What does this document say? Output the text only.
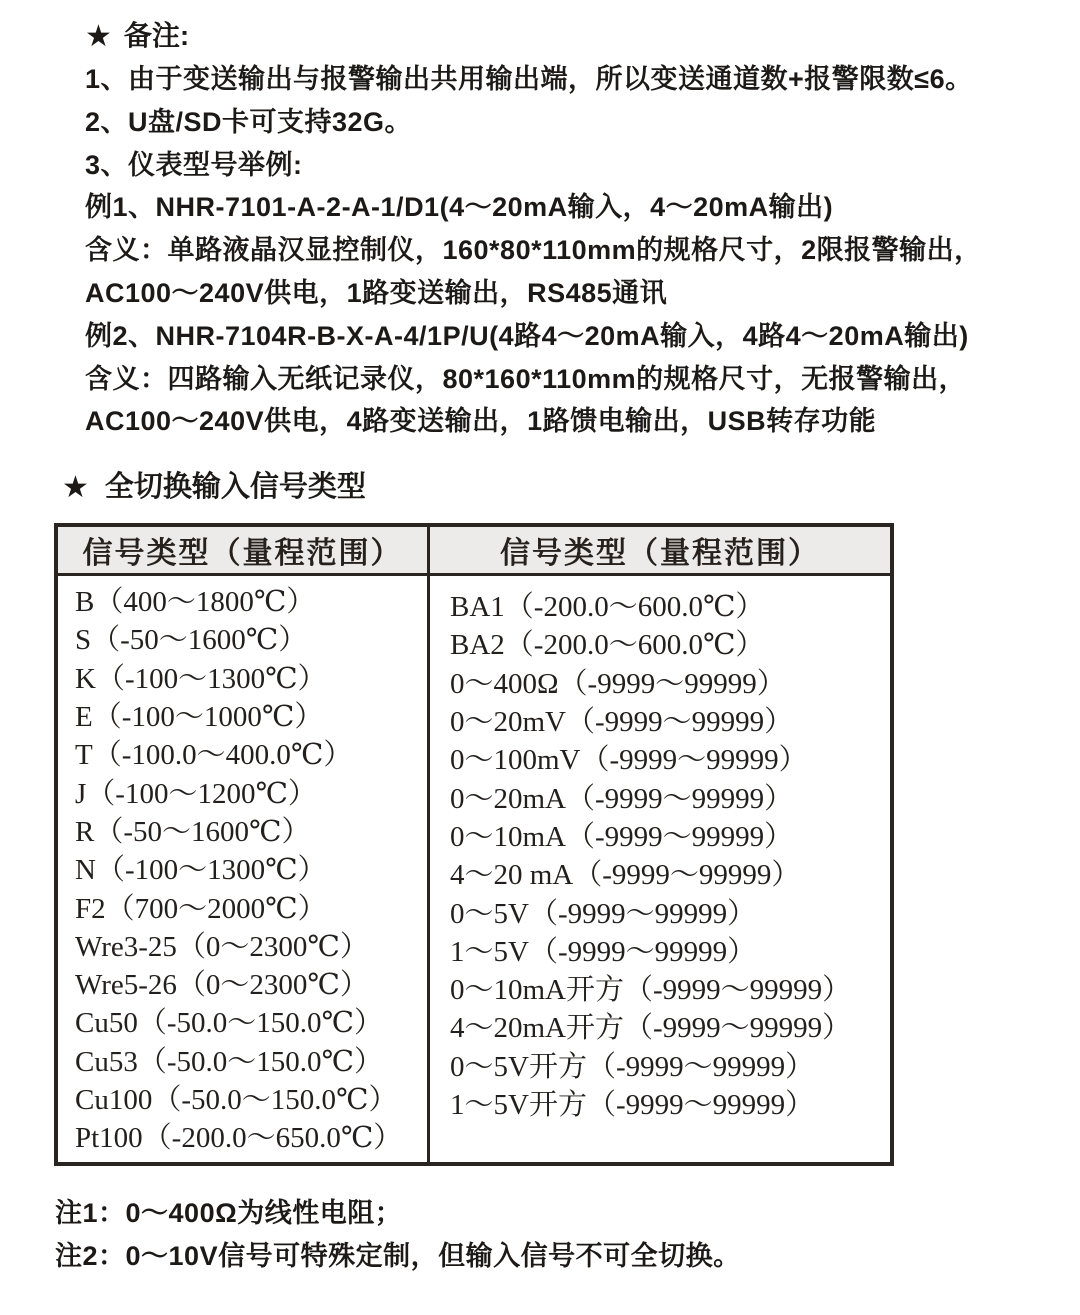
★ 备注:
1、由于变送输出与报警输出共用输出端，所以变送通道数+报警限数≤6。
2、U盘/SD卡可支持32G。
3、仪表型号举例:
例1、NHR-7101-A-2-A-1/D1(4～20mA输入，4～20mA输出)
含义：单路液晶汉显控制仪，160*80*110mm的规格尺寸，2限报警输出，
AC100～240V供电，1路变送输出，RS485通讯
例2、NHR-7104R-B-X-A-4/1P/U(4路4～20mA输入，4路4～20mA输出)
含义：四路输入无纸记录仪，80*160*110mm的规格尺寸，无报警输出，
AC100～240V供电，4路变送输出，1路馈电输出，USB转存功能
★ 全切换输入信号类型
信号类型（量程范围）	信号类型（量程范围）
B（400～1800℃）
S（-50～1600℃）
K（-100～1300℃）
E（-100～1000℃）
T（-100.0～400.0℃）
J（-100～1200℃）
R（-50～1600℃）
N（-100～1300℃）
F2（700～2000℃）
Wre3-25（0～2300℃）
Wre5-26（0～2300℃）
Cu50（-50.0～150.0℃）
Cu53（-50.0～150.0℃）
Cu100（-50.0～150.0℃）
Pt100（-200.0～650.0℃）
BA1（-200.0～600.0℃）
BA2（-200.0～600.0℃）
0～400Ω（-9999～99999）
0～20mV（-9999～99999）
0～100mV（-9999～99999）
0～20mA（-9999～99999）
0～10mA（-9999～99999）
4～20 mA（-9999～99999）
0～5V（-9999～99999）
1～5V（-9999～99999）
0～10mA开方（-9999～99999）
4～20mA开方（-9999～99999）
0～5V开方（-9999～99999）
1～5V开方（-9999～99999）
注1：0～400Ω为线性电阻；
注2：0～10V信号可特殊定制，但输入信号不可全切换。
